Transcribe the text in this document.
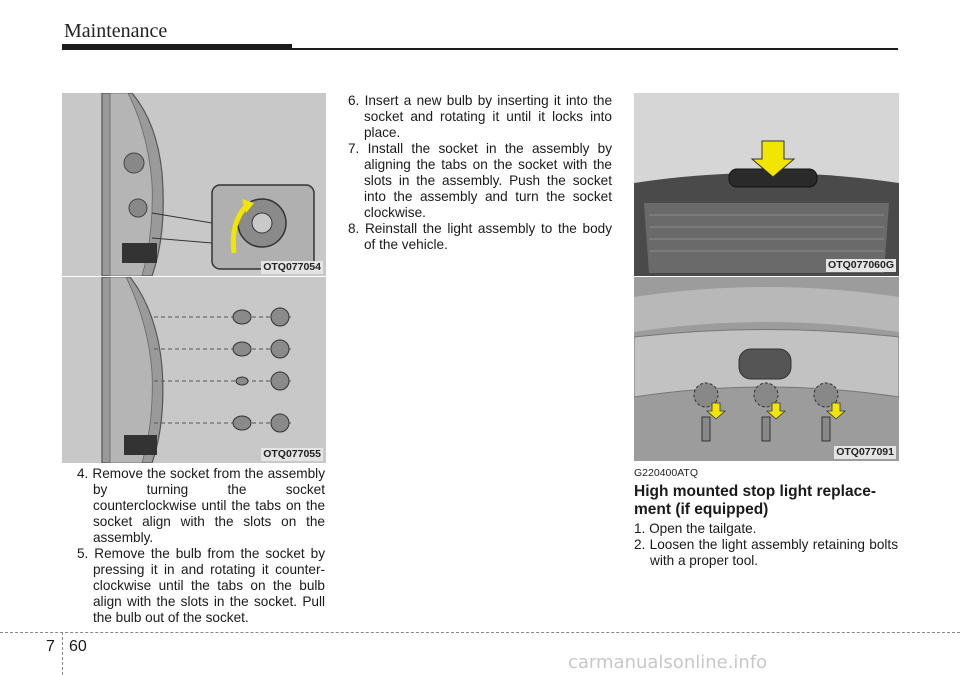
Maintenance
OTQ077054
OTQ077055
OTQ077060G
OTQ077091
4. Remove the socket from the assembly by turning the socket counterclockwise until the tabs on the socket align with the slots on the assembly.
5. Remove the bulb from the socket by pressing it in and rotating it counter-clockwise until the tabs on the bulb align with the slots in the socket. Pull the bulb out of the socket.
6. Insert a new bulb by inserting it into the socket and rotating it until it locks into place.
7. Install the socket in the assembly by aligning the tabs on the socket with the slots in the assembly. Push the socket into the assembly and turn the socket clockwise.
8. Reinstall the light assembly to the body of the vehicle.
G220400ATQ
High mounted stop light replace-
ment (if equipped)
1. Open the tailgate.
2. Loosen the light assembly retaining bolts with a proper tool.
7 60
carmanualsonline.info
